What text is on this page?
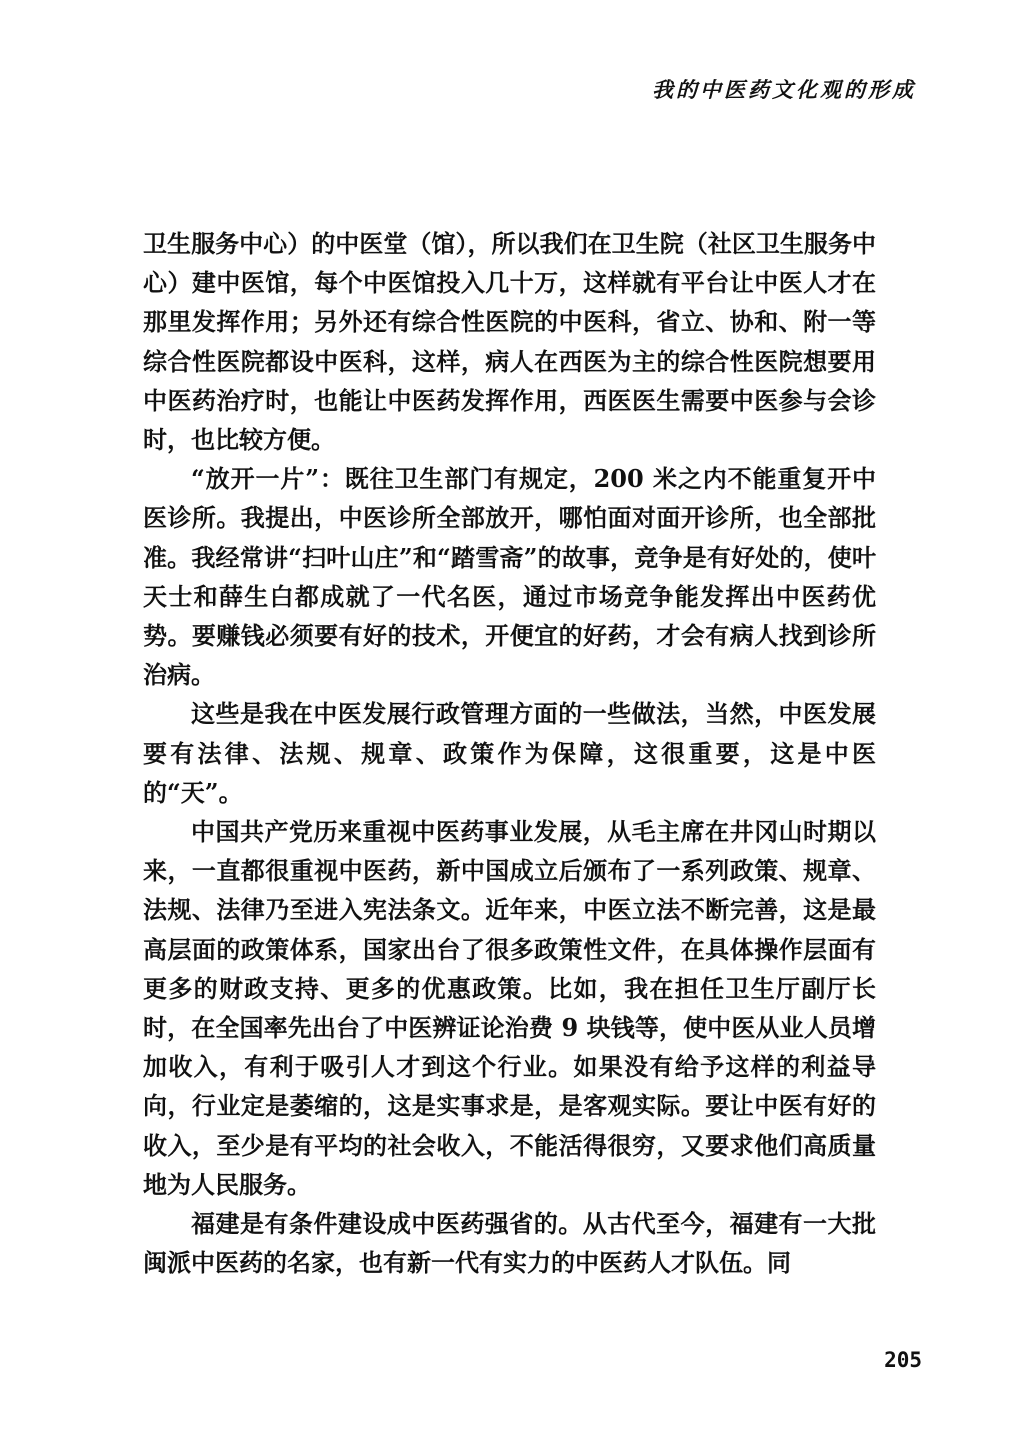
我的中医药文化观的形成

卫生服务中心）的中医堂（馆），所以我们在卫生院（社区卫生服务中心）建中医馆，每个中医馆投入几十万，这样就有平台让中医人才在那里发挥作用；另外还有综合性医院的中医科，省立、协和、附一等综合性医院都设中医科，这样，病人在西医为主的综合性医院想要用中医药治疗时，也能让中医药发挥作用，西医医生需要中医参与会诊时，也比较方便。

“放开一片”：既往卫生部门有规定，200 米之内不能重复开中医诊所。我提出，中医诊所全部放开，哪怕面对面开诊所，也全部批准。我经常讲“扫叶山庄”和“踏雪斋”的故事，竞争是有好处的，使叶天士和薛生白都成就了一代名医，通过市场竞争能发挥出中医药优势。要赚钱必须要有好的技术，开便宜的好药，才会有病人找到诊所治病。

这些是我在中医发展行政管理方面的一些做法，当然，中医发展要有法律、法规、规章、政策作为保障，这很重要，这是中医的“天”。

中国共产党历来重视中医药事业发展，从毛主席在井冈山时期以来，一直都很重视中医药，新中国成立后颁布了一系列政策、规章、法规、法律乃至进入宪法条文。近年来，中医立法不断完善，这是最高层面的政策体系，国家出台了很多政策性文件，在具体操作层面有更多的财政支持、更多的优惠政策。比如，我在担任卫生厅副厅长时，在全国率先出台了中医辨证论治费 9 块钱等，使中医从业人员增加收入，有利于吸引人才到这个行业。如果没有给予这样的利益导向，行业定是萎缩的，这是实事求是，是客观实际。要让中医有好的收入，至少是有平均的社会收入，不能活得很穷，又要求他们高质量地为人民服务。

福建是有条件建设成中医药强省的。从古代至今，福建有一大批闽派中医药的名家，也有新一代有实力的中医药人才队伍。同

205
